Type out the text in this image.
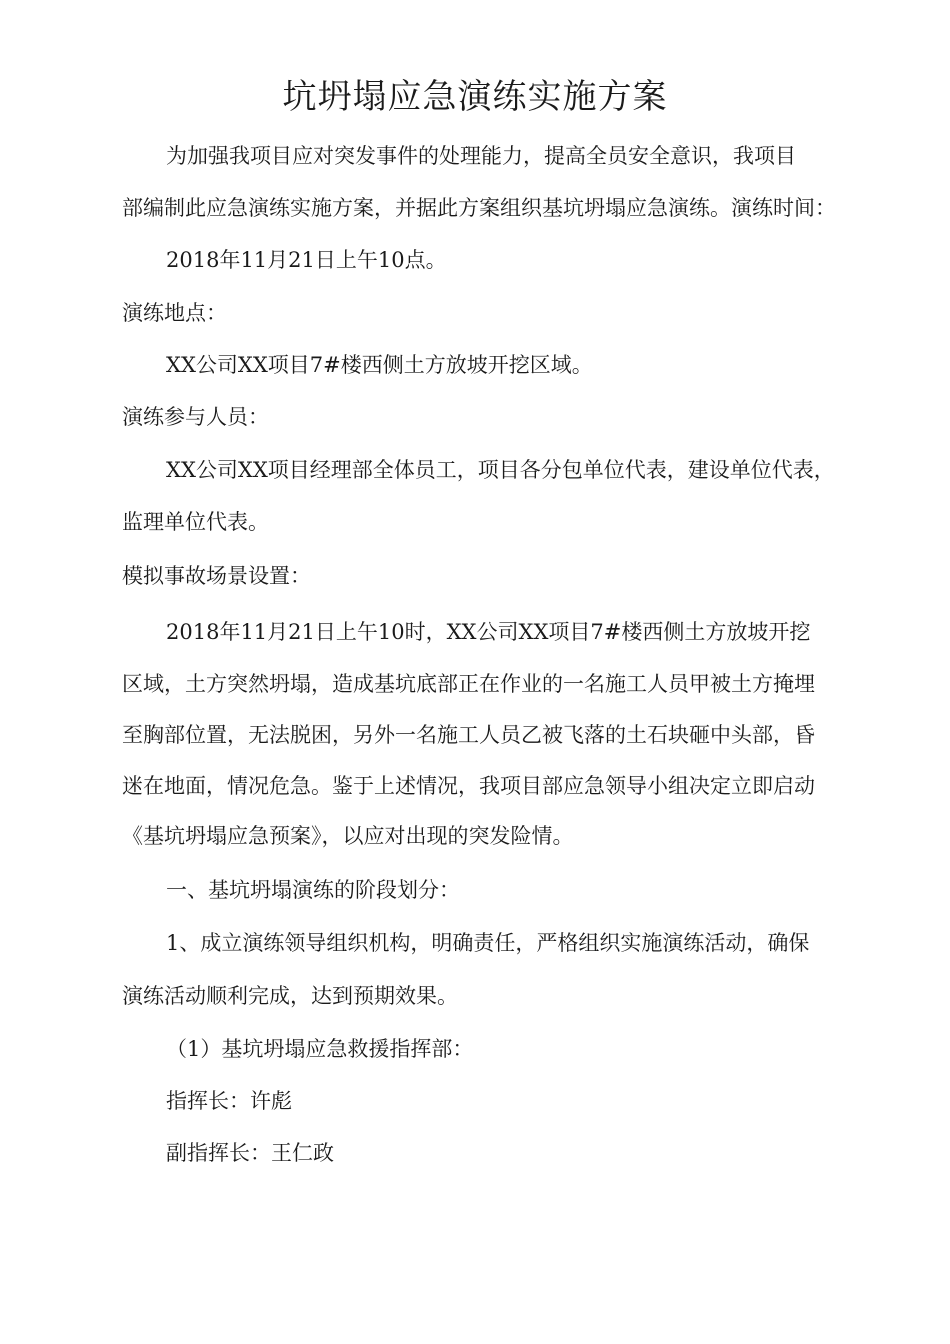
坑坍塌应急演练实施方案

为加强我项目应对突发事件的处理能力，提高全员安全意识，我项目

部编制此应急演练实施方案，并据此方案组织基坑坍塌应急演练。演练时间：

2018年11月21日上午10点。

演练地点：

XX公司XX项目7#楼西侧土方放坡开挖区域。

演练参与人员：

XX公司XX项目经理部全体员工，项目各分包单位代表，建设单位代表，

监理单位代表。

模拟事故场景设置：

2018年11月21日上午10时，XX公司XX项目7#楼西侧土方放坡开挖

区域，土方突然坍塌，造成基坑底部正在作业的一名施工人员甲被土方掩埋

至胸部位置，无法脱困，另外一名施工人员乙被飞落的土石块砸中头部，昏

迷在地面，情况危急。鉴于上述情况，我项目部应急领导小组决定立即启动

《基坑坍塌应急预案》，以应对出现的突发险情。

一、基坑坍塌演练的阶段划分：

1、成立演练领导组织机构，明确责任，严格组织实施演练活动，确保

演练活动顺利完成，达到预期效果。

（1）基坑坍塌应急救援指挥部：

指挥长：许彪

副指挥长：王仁政
